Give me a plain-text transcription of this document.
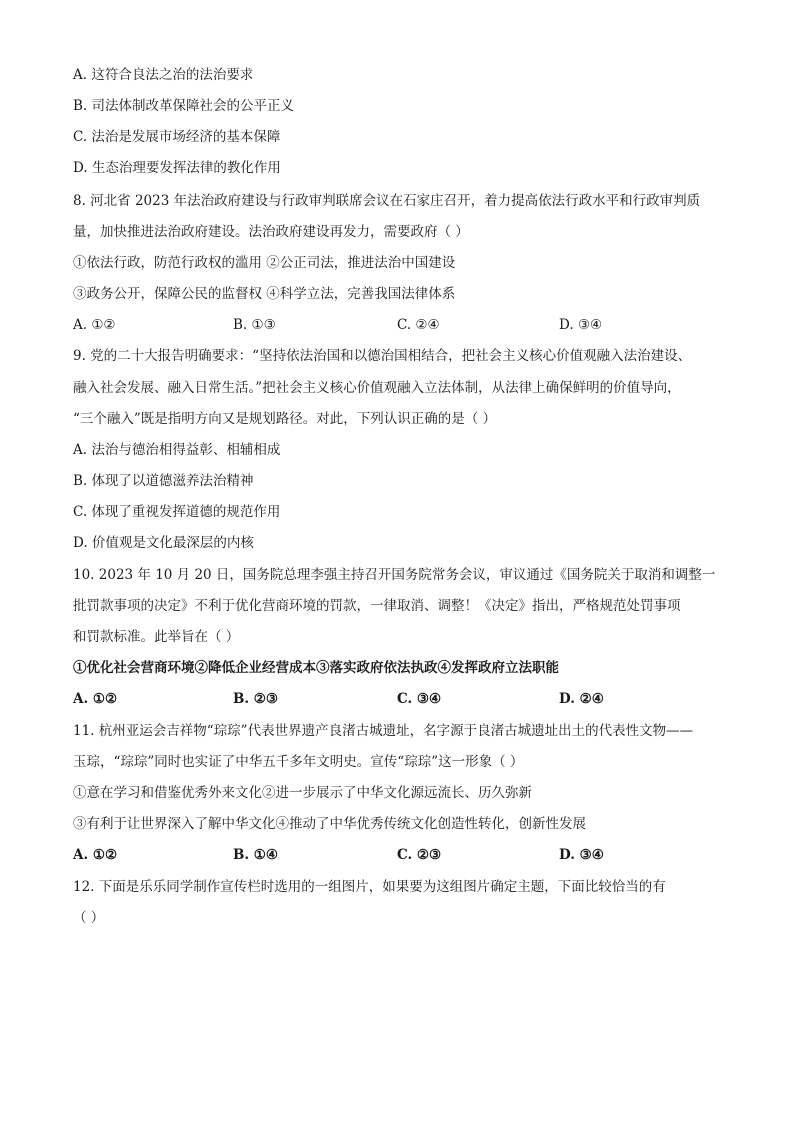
A. 这符合良法之治的法治要求
B. 司法体制改革保障社会的公平正义
C. 法治是发展市场经济的基本保障
D. 生态治理要发挥法律的教化作用
8. 河北省 2023 年法治政府建设与行政审判联席会议在石家庄召开，着力提高依法行政水平和行政审判质
量，加快推进法治政府建设。法治政府建设再发力，需要政府（ ）
①依法行政，防范行政权的滥用 ②公正司法，推进法治中国建设
③政务公开，保障公民的监督权 ④科学立法，完善我国法律体系
A. ①②	B. ①③	C. ②④	D. ③④
9. 党的二十大报告明确要求：“坚持依法治国和以德治国相结合，把社会主义核心价值观融入法治建设、
融入社会发展、融入日常生活。”把社会主义核心价值观融入立法体制，从法律上确保鲜明的价值导向，
“三个融入”既是指明方向又是规划路径。对此，下列认识正确的是（ ）
A. 法治与德治相得益彰、相辅相成
B. 体现了以道德滋养法治精神
C. 体现了重视发挥道德的规范作用
D. 价值观是文化最深层的内核
10. 2023 年 10 月 20 日，国务院总理李强主持召开国务院常务会议，审议通过《国务院关于取消和调整一
批罚款事项的决定》不利于优化营商环境的罚款，一律取消、调整！《决定》指出，严格规范处罚事项
和罚款标准。此举旨在（ ）
①优化社会营商环境②降低企业经营成本③落实政府依法执政④发挥政府立法职能
A. ①②	B. ②③	C. ③④	D. ②④
11. 杭州亚运会吉祥物“琮琮”代表世界遗产良渚古城遗址，名字源于良渚古城遗址出土的代表性文物——
玉琮，“琮琮”同时也实证了中华五千多年文明史。宣传“琮琮”这一形象（ ）
①意在学习和借鉴优秀外来文化②进一步展示了中华文化源远流长、历久弥新
③有利于让世界深入了解中华文化④推动了中华优秀传统文化创造性转化，创新性发展
A. ①②	B. ①④	C. ②③	D. ③④
12. 下面是乐乐同学制作宣传栏时选用的一组图片，如果要为这组图片确定主题，下面比较恰当的有
（ ）
